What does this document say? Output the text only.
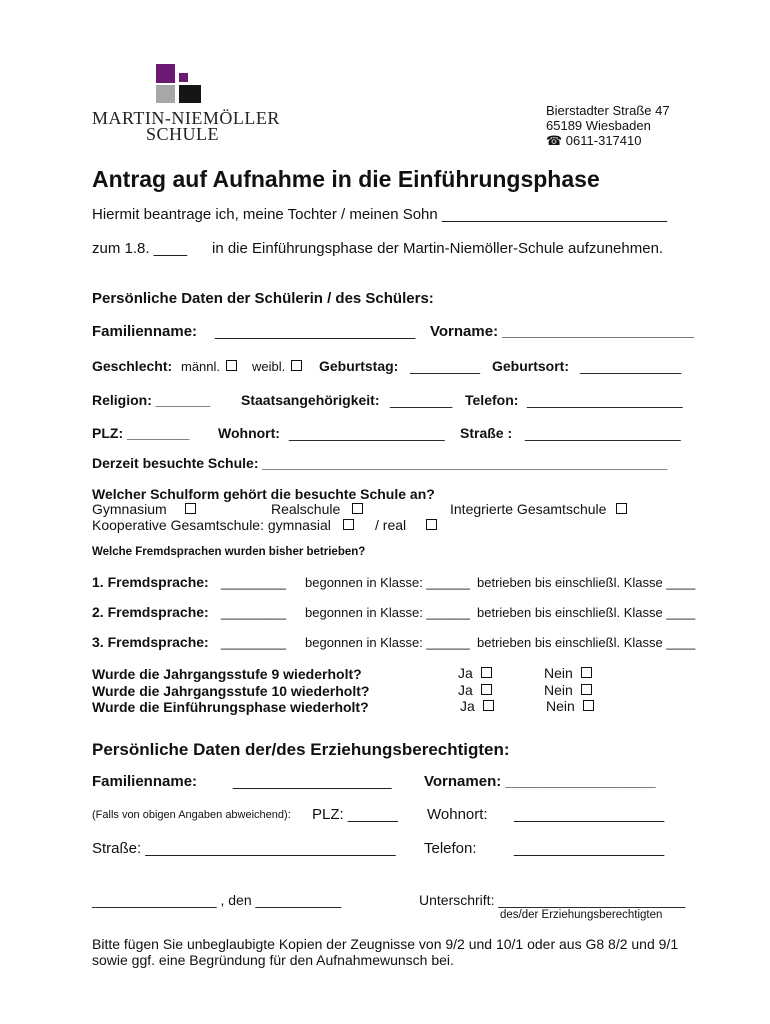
MARTIN-NIEMÖLLER
SCHULE
Bierstadter Straße 47
65189 Wiesbaden
☎ 0611-317410
Antrag auf Aufnahme in die Einführungsphase
Hiermit beantrage ich, meine Tochter / meinen Sohn ___________________________
zum 1.8. ____ in die Einführungsphase der Martin-Niemöller-Schule aufzunehmen.
Persönliche Daten der Schülerin / des Schülers:
Familienname: ________________________ Vorname: _______________________
Geschlecht: männl.	weibl.	Geburtstag: _________ Geburtsort: _____________
Religion: _______ Staatsangehörigkeit: ________ Telefon: ____________________
PLZ: ________ Wohnort: ____________________ Straße : ____________________
Derzeit besuchte Schule: ____________________________________________________
Welcher Schulform gehört die besuchte Schule an?
Gymnasium	Realschule	Integrierte Gesamtschule
Kooperative Gesamtschule: gymnasial	/ real
Welche Fremdsprachen wurden bisher betrieben?
1. Fremdsprache: _________ begonnen in Klasse: ______ betrieben bis einschließl. Klasse ____
2. Fremdsprache: _________ begonnen in Klasse: ______ betrieben bis einschließl. Klasse ____
3. Fremdsprache: _________ begonnen in Klasse: ______ betrieben bis einschließl. Klasse ____
Wurde die Jahrgangsstufe 9 wiederholt?	Ja	Nein
Wurde die Jahrgangsstufe 10 wiederholt?	Ja	Nein
Wurde die Einführungsphase wiederholt?	Ja	Nein
Persönliche Daten der/des Erziehungsberechtigten:
Familienname: ___________________ Vornamen: __________________
(Falls von obigen Angaben abweichend): PLZ: ______ Wohnort: __________________
Straße: ______________________________ Telefon: __________________
________________ , den ___________	Unterschrift: ________________________
des/der Erziehungsberechtigten
Bitte fügen Sie unbeglaubigte Kopien der Zeugnisse von 9/2 und 10/1 oder aus G8 8/2 und 9/1
sowie ggf. eine Begründung für den Aufnahmewunsch bei.
